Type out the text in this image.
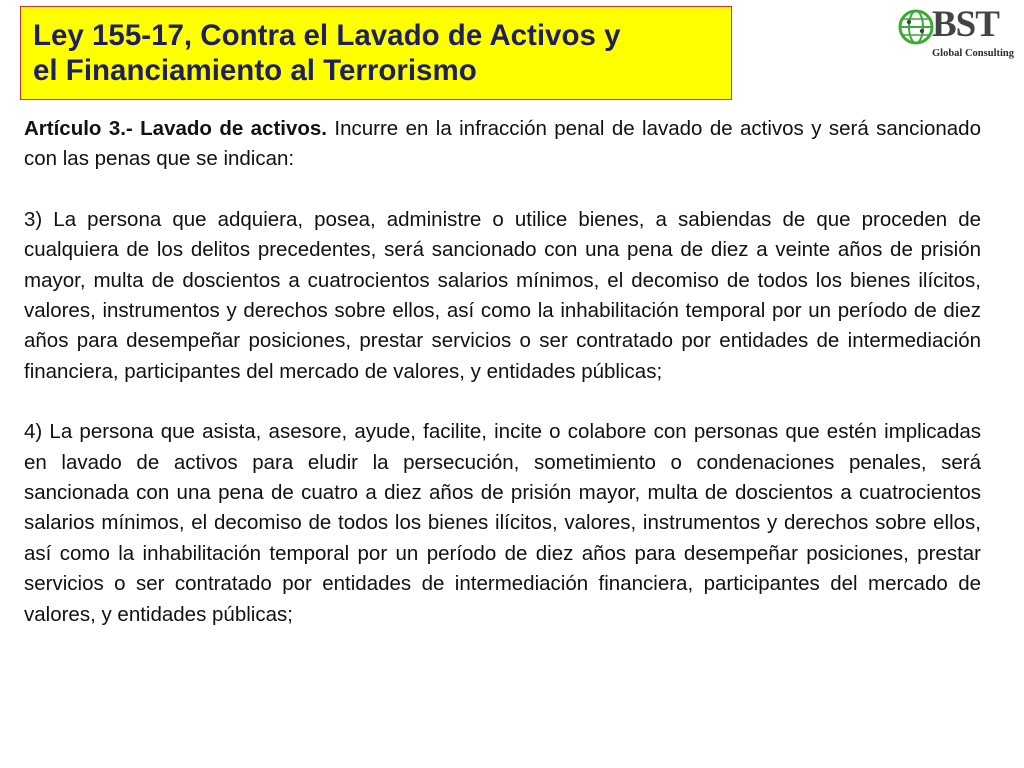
Ley 155-17, Contra el Lavado de Activos y
el Financiamiento al Terrorismo
BST
Global Consulting

Artículo 3.- Lavado de activos. Incurre en la infracción penal de lavado de activos y será sancionado con las penas que se indican:

3) La persona que adquiera, posea, administre o utilice bienes, a sabiendas de que proceden de cualquiera de los delitos precedentes, será sancionado con una pena de diez a veinte años de prisión mayor, multa de doscientos a cuatrocientos salarios mínimos, el decomiso de todos los bienes ilícitos, valores, instrumentos y derechos sobre ellos, así como la inhabilitación temporal por un período de diez años para desempeñar posiciones, prestar servicios o ser contratado por entidades de intermediación financiera, participantes del mercado de valores, y entidades públicas;

4) La persona que asista, asesore, ayude, facilite, incite o colabore con personas que estén implicadas en lavado de activos para eludir la persecución, sometimiento o condenaciones penales, será sancionada con una pena de cuatro a diez años de prisión mayor, multa de doscientos a cuatrocientos salarios mínimos, el decomiso de todos los bienes ilícitos, valores, instrumentos y derechos sobre ellos, así como la inhabilitación temporal por un período de diez años para desempeñar posiciones, prestar servicios o ser contratado por entidades de intermediación financiera, participantes del mercado de valores, y entidades públicas;
